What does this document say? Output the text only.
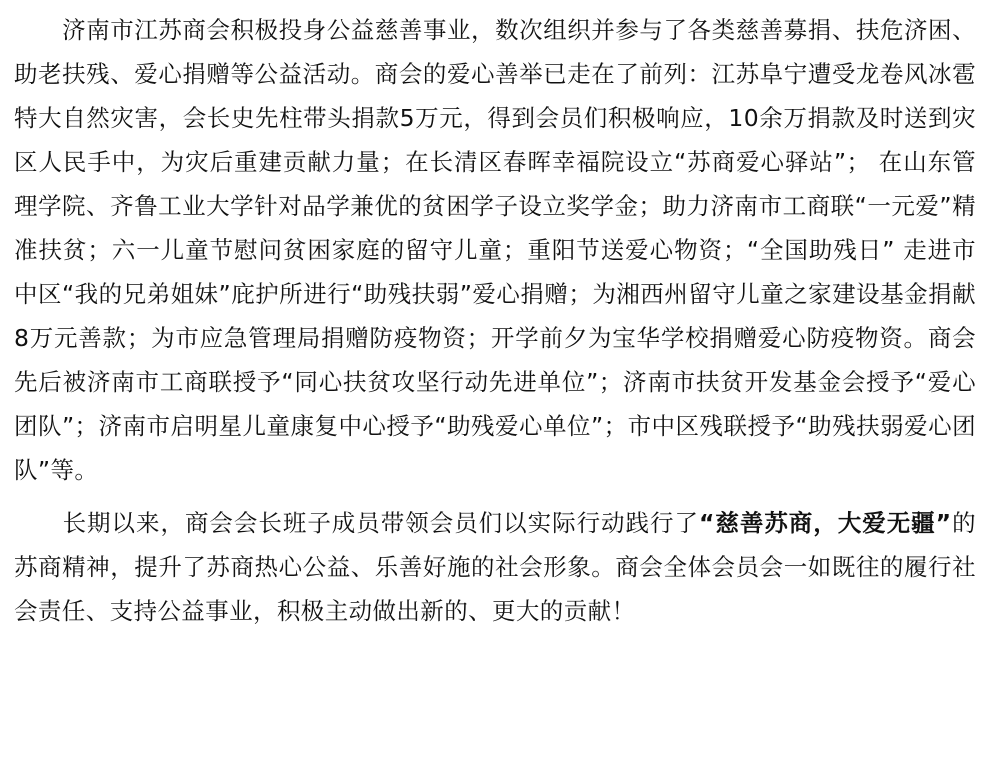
济南市江苏商会积极投身公益慈善事业，数次组织并参与了各类慈善募捐、扶危济困、助老扶残、爱心捐赠等公益活动。商会的爱心善举已走在了前列：江苏阜宁遭受龙卷风冰雹特大自然灾害，会长史先柱带头捐款5万元，得到会员们积极响应，10余万捐款及时送到灾区人民手中，为灾后重建贡献力量；在长清区春晖幸福院设立“苏商爱心驿站”； 在山东管理学院、齐鲁工业大学针对品学兼优的贫困学子设立奖学金；助力济南市工商联“一元爱”精准扶贫；六一儿童节慰问贫困家庭的留守儿童；重阳节送爱心物资；“全国助残日” 走进市中区“我的兄弟姐妹”庇护所进行“助残扶弱”爱心捐赠；为湘西州留守儿童之家建设基金捐献8万元善款；为市应急管理局捐赠防疫物资；开学前夕为宝华学校捐赠爱心防疫物资。商会先后被济南市工商联授予“同心扶贫攻坚行动先进单位”；济南市扶贫开发基金会授予“爱心团队”；济南市启明星儿童康复中心授予“助残爱心单位”；市中区残联授予“助残扶弱爱心团队”等。

长期以来，商会会长班子成员带领会员们以实际行动践行了“慈善苏商，大爱无疆”的苏商精神，提升了苏商热心公益、乐善好施的社会形象。商会全体会员会一如既往的履行社会责任、支持公益事业，积极主动做出新的、更大的贡献！
